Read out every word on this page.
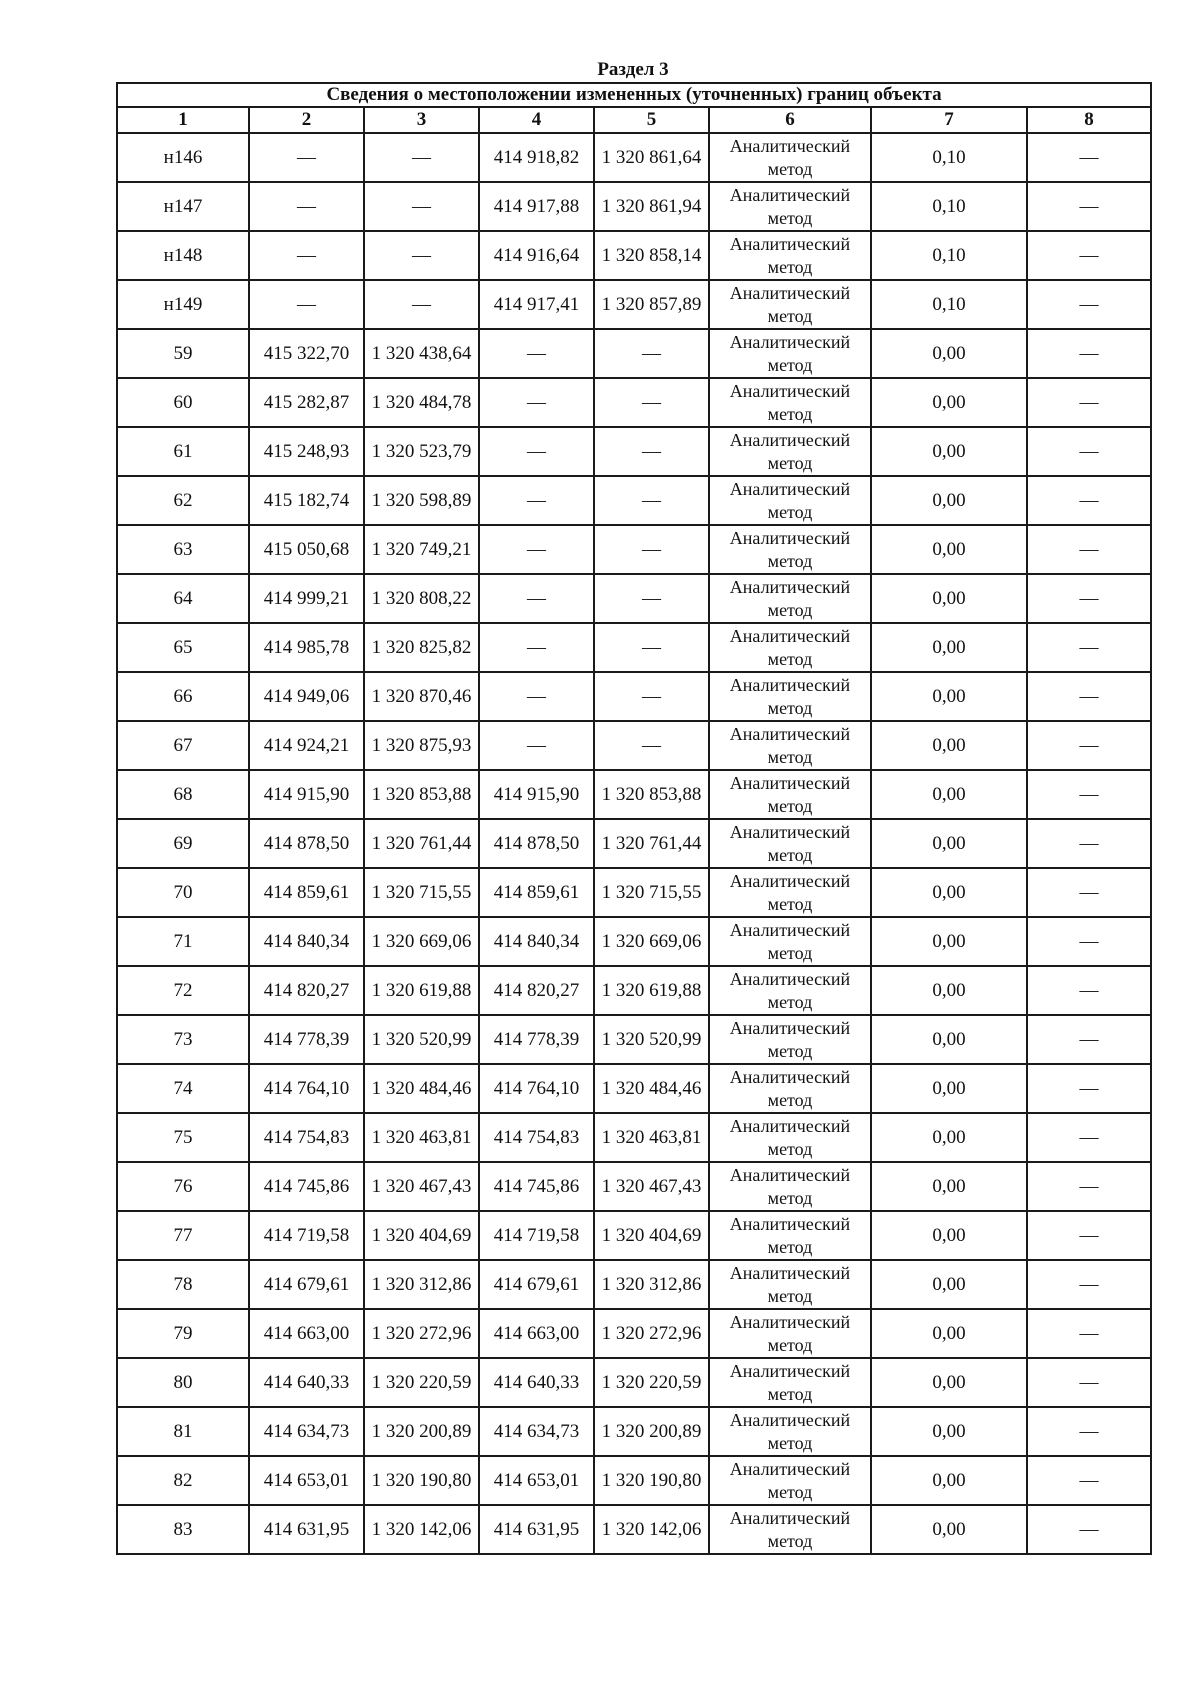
Раздел 3
Сведения о местоположении измененных (уточненных) границ объекта							
1	2	3	4	5	6	7	8
н146	—	—	414 918,82	1 320 861,64	Аналитический метод	0,10	—
н147	—	—	414 917,88	1 320 861,94	Аналитический метод	0,10	—
н148	—	—	414 916,64	1 320 858,14	Аналитический метод	0,10	—
н149	—	—	414 917,41	1 320 857,89	Аналитический метод	0,10	—
59	415 322,70	1 320 438,64	—	—	Аналитический метод	0,00	—
60	415 282,87	1 320 484,78	—	—	Аналитический метод	0,00	—
61	415 248,93	1 320 523,79	—	—	Аналитический метод	0,00	—
62	415 182,74	1 320 598,89	—	—	Аналитический метод	0,00	—
63	415 050,68	1 320 749,21	—	—	Аналитический метод	0,00	—
64	414 999,21	1 320 808,22	—	—	Аналитический метод	0,00	—
65	414 985,78	1 320 825,82	—	—	Аналитический метод	0,00	—
66	414 949,06	1 320 870,46	—	—	Аналитический метод	0,00	—
67	414 924,21	1 320 875,93	—	—	Аналитический метод	0,00	—
68	414 915,90	1 320 853,88	414 915,90	1 320 853,88	Аналитический метод	0,00	—
69	414 878,50	1 320 761,44	414 878,50	1 320 761,44	Аналитический метод	0,00	—
70	414 859,61	1 320 715,55	414 859,61	1 320 715,55	Аналитический метод	0,00	—
71	414 840,34	1 320 669,06	414 840,34	1 320 669,06	Аналитический метод	0,00	—
72	414 820,27	1 320 619,88	414 820,27	1 320 619,88	Аналитический метод	0,00	—
73	414 778,39	1 320 520,99	414 778,39	1 320 520,99	Аналитический метод	0,00	—
74	414 764,10	1 320 484,46	414 764,10	1 320 484,46	Аналитический метод	0,00	—
75	414 754,83	1 320 463,81	414 754,83	1 320 463,81	Аналитический метод	0,00	—
76	414 745,86	1 320 467,43	414 745,86	1 320 467,43	Аналитический метод	0,00	—
77	414 719,58	1 320 404,69	414 719,58	1 320 404,69	Аналитический метод	0,00	—
78	414 679,61	1 320 312,86	414 679,61	1 320 312,86	Аналитический метод	0,00	—
79	414 663,00	1 320 272,96	414 663,00	1 320 272,96	Аналитический метод	0,00	—
80	414 640,33	1 320 220,59	414 640,33	1 320 220,59	Аналитический метод	0,00	—
81	414 634,73	1 320 200,89	414 634,73	1 320 200,89	Аналитический метод	0,00	—
82	414 653,01	1 320 190,80	414 653,01	1 320 190,80	Аналитический метод	0,00	—
83	414 631,95	1 320 142,06	414 631,95	1 320 142,06	Аналитический метод	0,00	—
